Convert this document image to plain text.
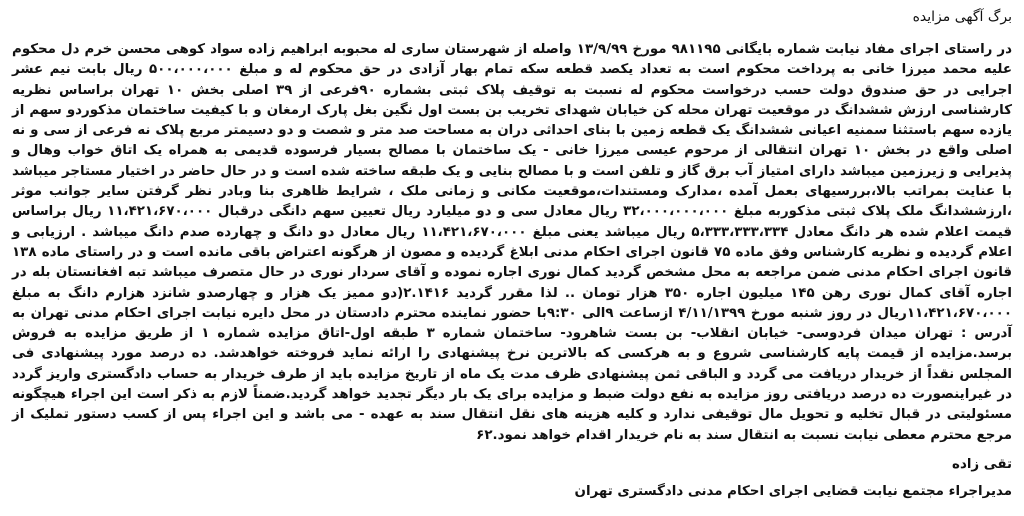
برگ آگهی مزایده

در راستای اجرای مفاد نیابت شماره بایگانی ۹۸۱۱۹۵ مورخ ۱۳/۹/۹۹ واصله از شهرستان ساری له محبوبه ابراهیم زاده سواد کوهی محسن خرم دل محکوم علیه محمد میرزا خانی به پرداخت محکوم است به تعداد یکصد قطعه سکه تمام بهار آزادی در حق محکوم له و مبلغ ۵۰۰،۰۰۰،۰۰۰ ریال بابت نیم عشر اجرایی در حق صندوق دولت حسب درخواست محکوم له نسبت به توقیف پلاک ثبتی بشماره ۹۰فرعی از ۳۹ اصلی بخش ۱۰ تهران براساس نظریه کارشناسی ارزش ششدانگ در موقعیت تهران محله کن خیابان شهدای تخریب بن بست اول نگین بغل پارک ارمغان و با کیفیت ساختمان مذکوردو سهم از یازده سهم باستثنا سمنیه اعیانی ششدانگ یک قطعه زمین با بنای احداثی دران به مساحت صد متر و شصت و دو دسیمتر مربع پلاک نه فرعی از سی و نه اصلی واقع در بخش ۱۰ تهران انتقالی از مرحوم عیسی میرزا خانی - یک ساختمان با مصالح بسیار فرسوده قدیمی به همراه یک اتاق خواب وهال و پذیرایی و زیرزمین میباشد دارای امتیاز آب برق گاز و تلفن است و با مصالح بنایی و یک طبقه ساخته شده است و در حال حاضر در اختیار مستاجر میباشد با عنایت بمراتب بالا،بررسیهای بعمل آمده ،مدارک ومستندات،موقعیت مکانی و زمانی ملک ، شرایط ظاهری بنا وبادر نظر گرفتن سایر جوانب موثر ،ارزششدانگ ملک پلاک ثبتی مذکوربه مبلغ ۳۲،۰۰۰،۰۰۰،۰۰۰ ریال معادل سی و دو میلیارد ریال تعیین سهم دانگی درقبال ۱۱،۴۲۱،۶۷۰،۰۰۰ ریال براساس قیمت اعلام شده هر دانگ معادل ۵،۳۳۳،۳۳۳،۳۳۴ ریال میباشد یعنی مبلغ ۱۱،۴۲۱،۶۷۰،۰۰۰ ریال معادل دو دانگ و چهارده صدم دانگ میباشد . ارزیابی و اعلام گردیده و نظریه کارشناس وفق ماده ۷۵ قانون اجرای احکام مدنی ابلاغ گردیده و مصون از هرگونه اعتراض باقی مانده است و در راستای ماده ۱۳۸ قانون اجرای احکام مدنی ضمن مراجعه به محل مشخص گردید کمال نوری اجاره نموده و آقای سردار نوری در حال متصرف میباشد تبه افغانستان بله در اجاره آقای کمال نوری رهن ۱۴۵ میلیون اجاره ۳۵۰ هزار تومان .. لذا مقرر گردید ۲.۱۴۱۶(دو ممیز یک هزار و چهارصدو شانزد هزارم دانگ به مبلغ ۱۱،۴۲۱،۶۷۰،۰۰۰ریال در روز شنبه مورخ ۴/۱۱/۱۳۹۹ ازساعت ۹الی ۹:۳۰با حضور نماینده محترم دادستان در محل دایره نیابت اجرای احکام مدنی تهران به آدرس : تهران میدان فردوسی- خیابان انقلاب- بن بست شاهرود- ساختمان شماره ۳ طبقه اول-اتاق مزایده شماره ۱ از طریق مزایده به فروش برسد.مزایده از قیمت پایه کارشناسی شروع و به هرکسی که بالاترین نرخ پیشنهادی را ارائه نماید فروخته خواهدشد. ده درصد مورد پیشنهادی فی المجلس نقداً از خریدار دریافت می گردد و الباقی ثمن پیشنهادی ظرف مدت یک ماه از تاریخ مزایده باید از طرف خریدار به حساب دادگستری واریز گردد در غیراینصورت ده درصد دریافتی روز مزایده به نفع دولت ضبط و مزایده برای یک بار دیگر تجدید خواهد گردید.ضمناً لازم به ذکر است این اجراء هیچگونه مسئولیتی در قبال تخلیه و تحویل مال توقیفی ندارد و کلیه هزینه های نقل انتقال سند به عهده - می باشد و این اجراء پس از کسب دستور تملیک از مرجع محترم معطی نیابت نسبت به انتقال سند به نام خریدار اقدام خواهد نمود.۶۲

تقی زاده

مدیراجراء مجتمع نیابت قضایی اجرای احکام مدنی دادگستری تهران
